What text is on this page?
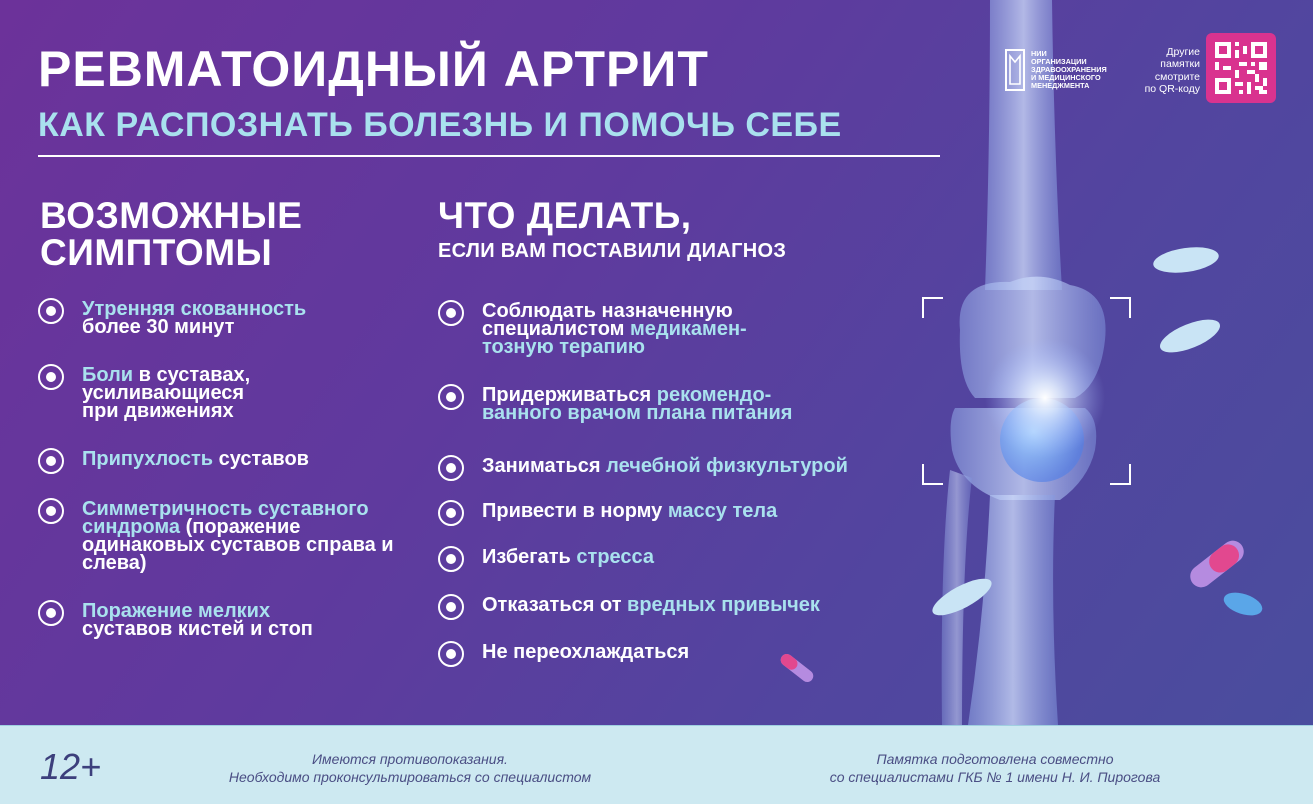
РЕВМАТОИДНЫЙ АРТРИТ
КАК РАСПОЗНАТЬ БОЛЕЗНЬ И ПОМОЧЬ СЕБЕ
НИИ
ОРГАНИЗАЦИИ
ЗДРАВООХРАНЕНИЯ
И МЕДИЦИНСКОГО
МЕНЕДЖМЕНТА
Другие
памятки
смотрите
по QR-коду
ВОЗМОЖНЫЕ
СИМПТОМЫ
Утренняя скованность более 30 минут
Боли в суставах, усиливающиеся при движениях
Припухлость суставов
Симметричность суставного синдрома (поражение одинаковых суставов справа и слева)
Поражение мелких суставов кистей и стоп
ЧТО ДЕЛАТЬ,

ЕСЛИ ВАМ ПОСТАВИЛИ ДИАГНОЗ

Соблюдать назначенную специалистом медикамен-тозную терапию
Придерживаться рекомендо-ванного врачом плана питания
Заниматься лечебной физкультурой
Привести в норму массу тела
Избегать стресса
Отказаться от вредных привычек
Не переохлаждаться
12+	Имеются противопоказания.
Необходимо проконсультироваться со специалистом
Памятка подготовлена совместно
со специалистами ГКБ № 1 имени Н. И. Пирогова
